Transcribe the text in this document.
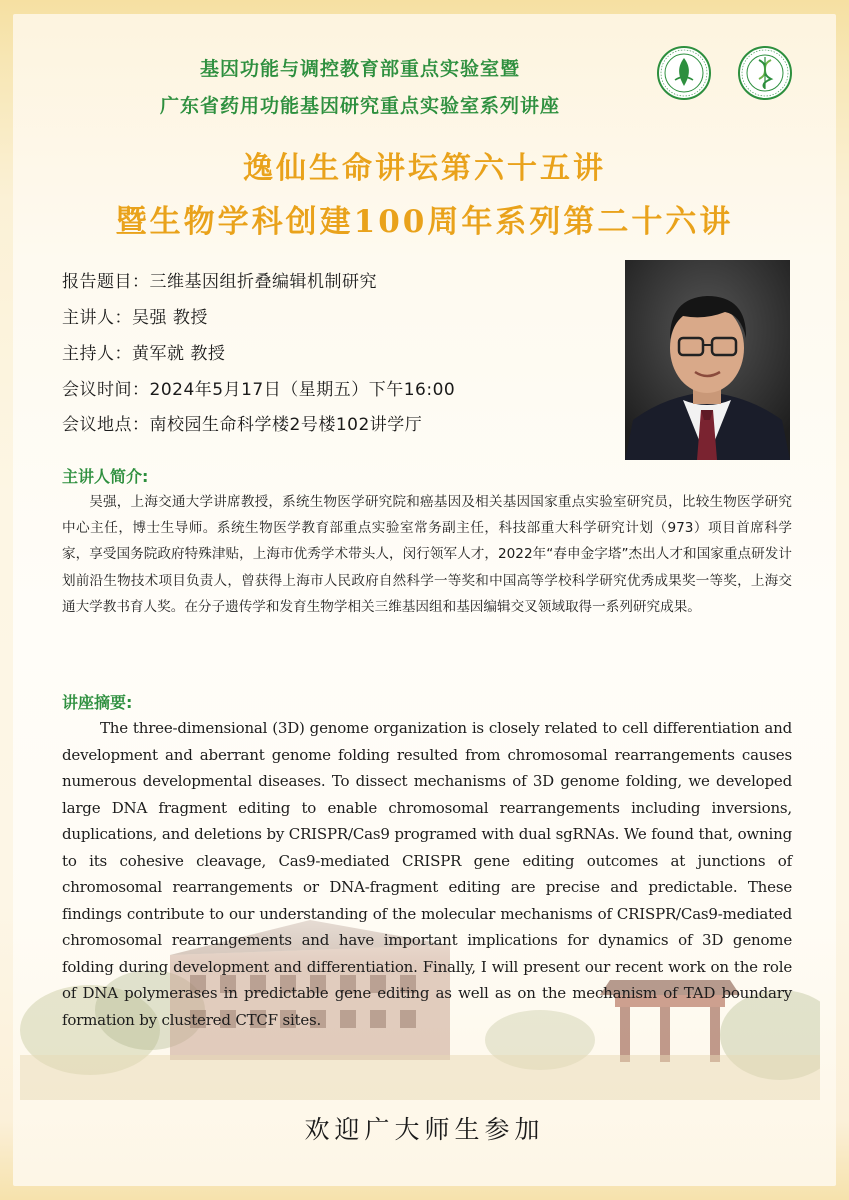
基因功能与调控教育部重点实验室暨
广东省药用功能基因研究重点实验室系列讲座
逸仙生命讲坛第六十五讲
暨生物学科创建100周年系列第二十六讲
报告题目：三维基因组折叠编辑机制研究
主讲人：吴强 教授
主持人：黄军就 教授
会议时间：2024年5月17日（星期五）下午16:00
会议地点：南校园生命科学楼2号楼102讲学厅
主讲人简介:

吴强，上海交通大学讲席教授，系统生物医学研究院和癌基因及相关基因国家重点实验室研究员，比较生物医学研究中心主任，博士生导师。系统生物医学教育部重点实验室常务副主任，科技部重大科学研究计划（973）项目首席科学家，享受国务院政府特殊津贴，上海市优秀学术带头人，闵行领军人才，2022年“春申金字塔”杰出人才和国家重点研发计划前沿生物技术项目负责人，曾获得上海市人民政府自然科学一等奖和中国高等学校科学研究优秀成果奖一等奖，上海交通大学教书育人奖。在分子遗传学和发育生物学相关三维基因组和基因编辑交叉领域取得一系列研究成果。

讲座摘要:

The three-dimensional (3D) genome organization is closely related to cell differentiation and development and aberrant genome folding resulted from chromosomal rearrangements causes numerous developmental diseases. To dissect mechanisms of 3D genome folding, we developed large DNA fragment editing to enable chromosomal rearrangements including inversions, duplications, and deletions by CRISPR/Cas9 programed with dual sgRNAs. We found that, owning to its cohesive cleavage, Cas9-mediated CRISPR gene editing outcomes at junctions of chromosomal rearrangements or DNA-fragment editing are precise and predictable. These findings contribute to our understanding of the molecular mechanisms of CRISPR/Cas9-mediated chromosomal rearrangements and have important implications for dynamics of 3D genome folding during development and differentiation. Finally, I will present our recent work on the role of DNA polymerases in predictable gene editing as well as on the mechanism of TAD boundary formation by clustered CTCF sites.

欢迎广大师生参加
